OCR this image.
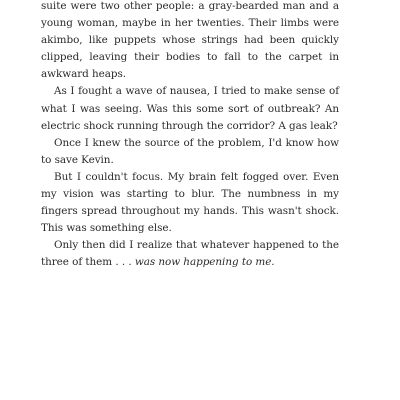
suite were two other people: a gray-bearded man and a young woman, maybe in her twenties. Their limbs were akimbo, like puppets whose strings had been quickly clipped, leaving their bodies to fall to the carpet in awkward heaps.

As I fought a wave of nausea, I tried to make sense of what I was seeing. Was this some sort of outbreak? An electric shock running through the corridor? A gas leak?

Once I knew the source of the problem, I'd know how to save Kevin.

But I couldn't focus. My brain felt fogged over. Even my vision was starting to blur. The numbness in my fingers spread throughout my hands. This wasn't shock. This was something else.

Only then did I realize that whatever happened to the three of them . . . was now happening to me.
